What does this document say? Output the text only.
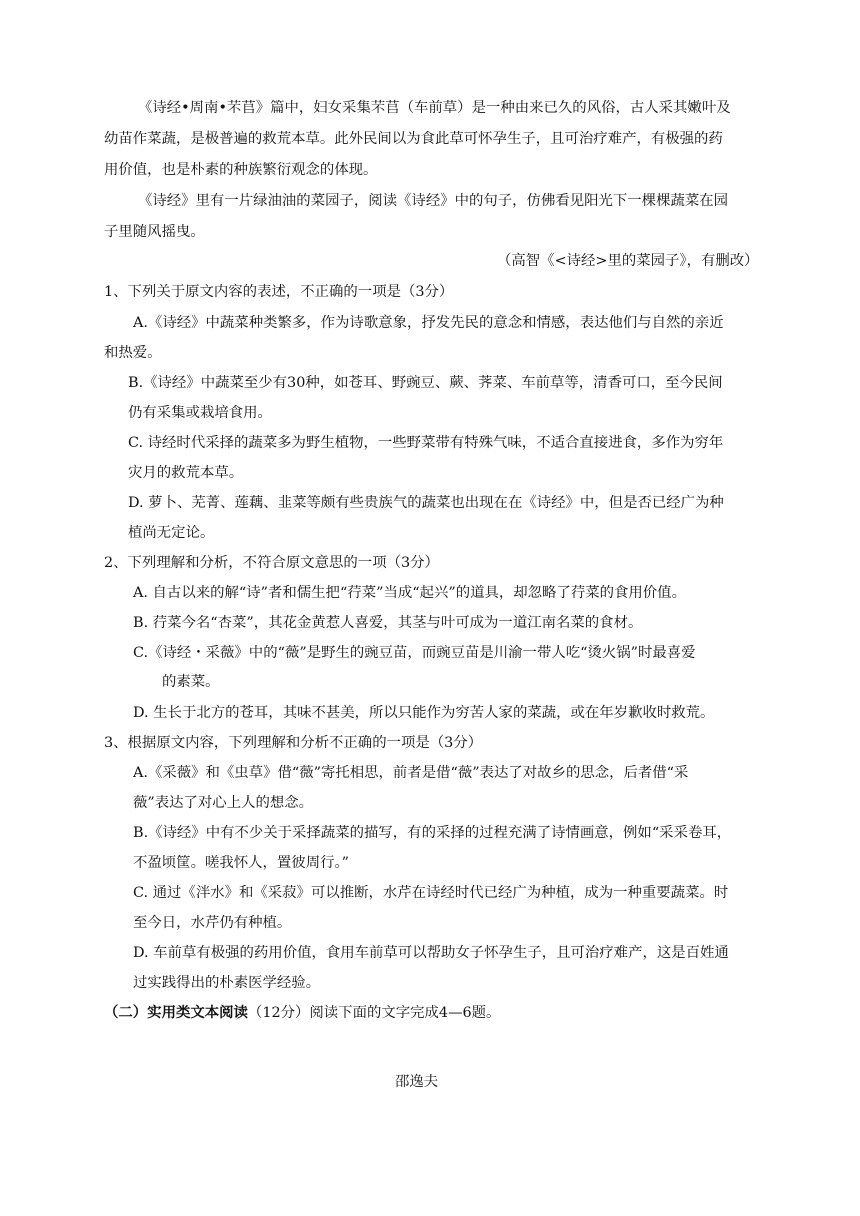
《诗经•周南•芣苢》篇中，妇女采集芣苢（车前草）是一种由来已久的风俗，古人采其嫩叶及
幼苗作菜蔬，是极普遍的救荒本草。此外民间以为食此草可怀孕生子，且可治疗难产，有极强的药
用价值，也是朴素的种族繁衍观念的体现。
《诗经》里有一片绿油油的菜园子，阅读《诗经》中的句子，仿佛看见阳光下一棵棵蔬菜在园
子里随风摇曳。
（高智《<诗经>里的菜园子》，有删改）
1、下列关于原文内容的表述，不正确的一项是（3分）
A.《诗经》中蔬菜种类繁多，作为诗歌意象，抒发先民的意念和情感，表达他们与自然的亲近
和热爱。
B.《诗经》中蔬菜至少有30种，如苍耳、野豌豆、蕨、荠菜、车前草等，清香可口，至今民间
仍有采集或栽培食用。
C. 诗经时代采择的蔬菜多为野生植物，一些野菜带有特殊气味，不适合直接进食，多作为穷年
灾月的救荒本草。
D. 萝卜、芜菁、莲藕、韭菜等颇有些贵族气的蔬菜也出现在在《诗经》中，但是否已经广为种
植尚无定论。
2、下列理解和分析，不符合原文意思的一项（3分）
A. 自古以来的解“诗”者和儒生把“荇菜”当成“起兴”的道具，却忽略了荇菜的食用价值。
B. 荇菜今名“杏菜”，其花金黄惹人喜爱，其茎与叶可成为一道江南名菜的食材。
C.《诗经・采薇》中的“薇”是野生的豌豆苗，而豌豆苗是川渝一带人吃“烫火锅”时最喜爱
的素菜。
D. 生长于北方的苍耳，其味不甚美，所以只能作为穷苦人家的菜蔬，或在年岁歉收时救荒。
3、根据原文内容，下列理解和分析不正确的一项是（3分）
A.《采薇》和《虫草》借“薇”寄托相思，前者是借“薇”表达了对故乡的思念，后者借“采
薇”表达了对心上人的想念。
B.《诗经》中有不少关于采择蔬菜的描写，有的采择的过程充满了诗情画意，例如“采采卷耳，
不盈顷筐。嗟我怀人，置彼周行。”
C. 通过《泮水》和《采菽》可以推断，水芹在诗经时代已经广为种植，成为一种重要蔬菜。时
至今日，水芹仍有种植。
D. 车前草有极强的药用价值，食用车前草可以帮助女子怀孕生子，且可治疗难产，这是百姓通
过实践得出的朴素医学经验。
（二）实用类文本阅读（12分）阅读下面的文字完成4—6题。
邵逸夫
